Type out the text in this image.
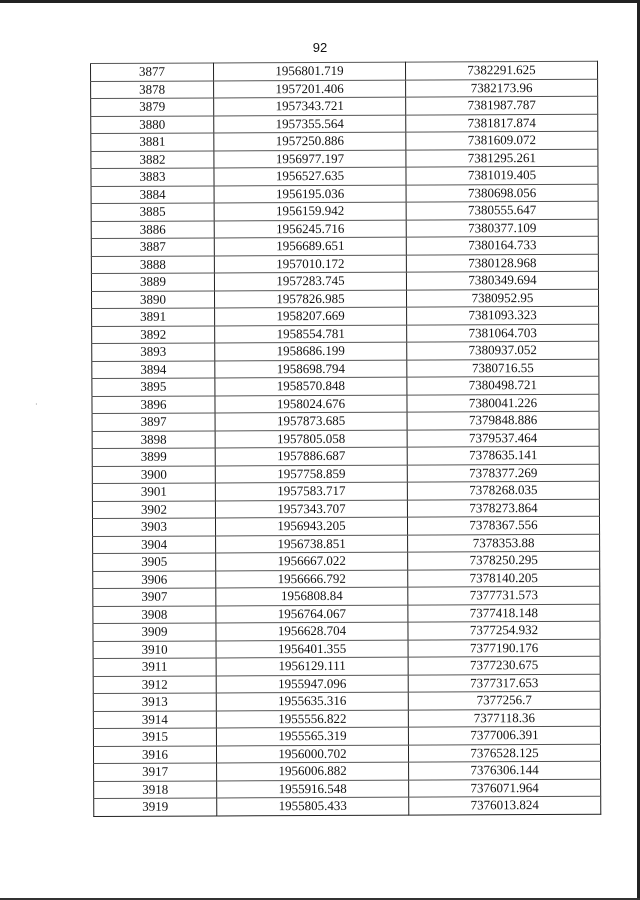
92
·
3877	1956801.719	7382291.625
3878	1957201.406	7382173.96
3879	1957343.721	7381987.787
3880	1957355.564	7381817.874
3881	1957250.886	7381609.072
3882	1956977.197	7381295.261
3883	1956527.635	7381019.405
3884	1956195.036	7380698.056
3885	1956159.942	7380555.647
3886	1956245.716	7380377.109
3887	1956689.651	7380164.733
3888	1957010.172	7380128.968
3889	1957283.745	7380349.694
3890	1957826.985	7380952.95
3891	1958207.669	7381093.323
3892	1958554.781	7381064.703
3893	1958686.199	7380937.052
3894	1958698.794	7380716.55
3895	1958570.848	7380498.721
3896	1958024.676	7380041.226
3897	1957873.685	7379848.886
3898	1957805.058	7379537.464
3899	1957886.687	7378635.141
3900	1957758.859	7378377.269
3901	1957583.717	7378268.035
3902	1957343.707	7378273.864
3903	1956943.205	7378367.556
3904	1956738.851	7378353.88
3905	1956667.022	7378250.295
3906	1956666.792	7378140.205
3907	1956808.84	7377731.573
3908	1956764.067	7377418.148
3909	1956628.704	7377254.932
3910	1956401.355	7377190.176
3911	1956129.111	7377230.675
3912	1955947.096	7377317.653
3913	1955635.316	7377256.7
3914	1955556.822	7377118.36
3915	1955565.319	7377006.391
3916	1956000.702	7376528.125
3917	1956006.882	7376306.144
3918	1955916.548	7376071.964
3919	1955805.433	7376013.824
